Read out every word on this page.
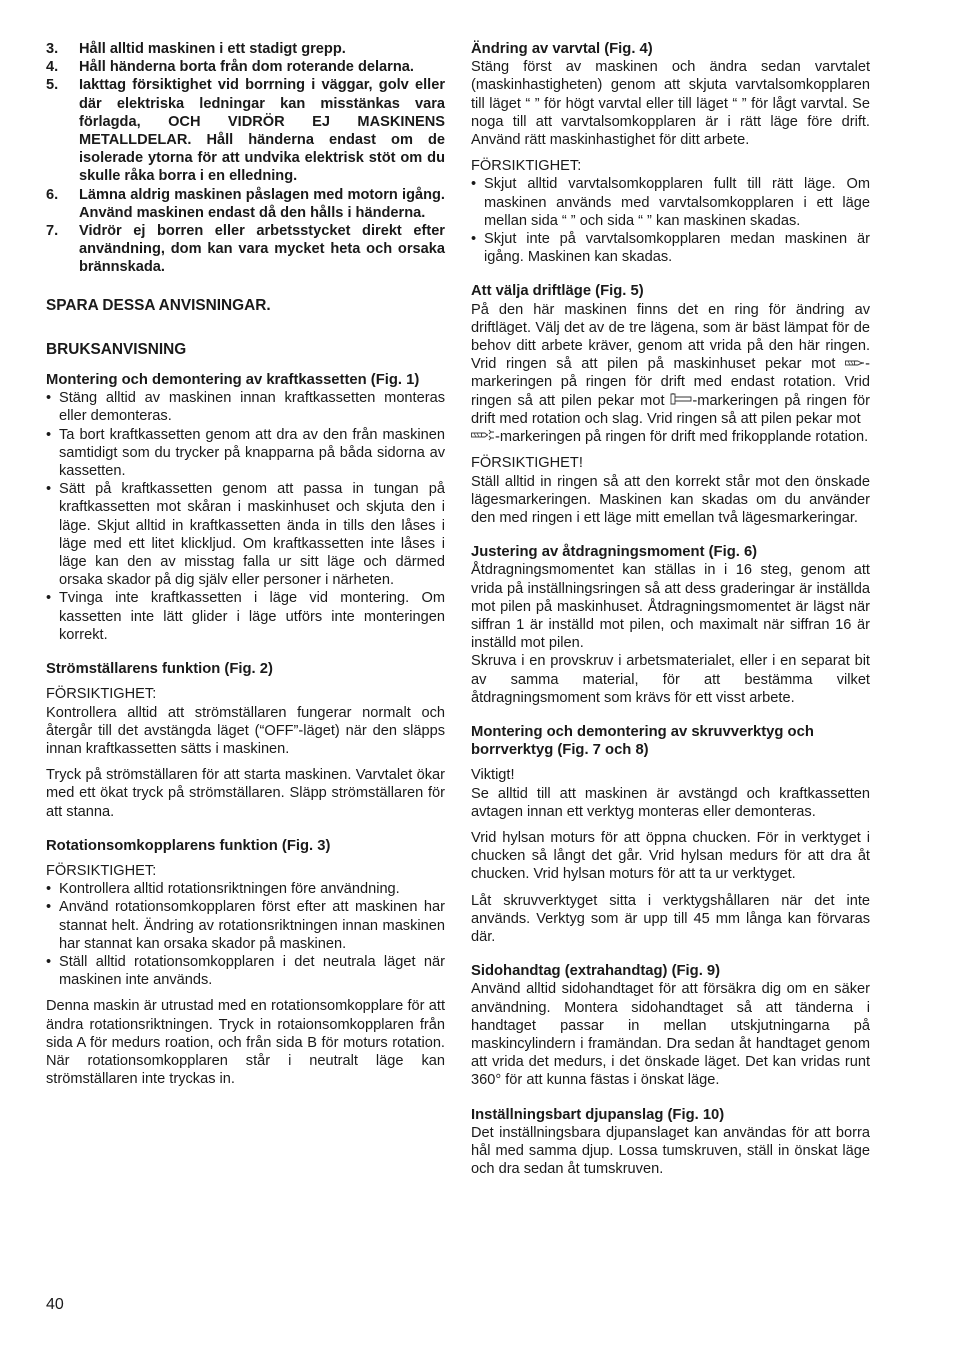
3. Håll alltid maskinen i ett stadigt grepp.
4. Håll händerna borta från dom roterande delarna.
5. Iakttag försiktighet vid borrning i väggar, golv eller där elektriska ledningar kan misstänkas vara förlagda, OCH VIDRÖR EJ MASKINENS METALLDELAR. Håll händerna endast om de isolerade ytorna för att undvika elektrisk stöt om du skulle råka borra i en elledning.
6. Lämna aldrig maskinen påslagen med motorn igång. Använd maskinen endast då den hålls i händerna.
7. Vidrör ej borren eller arbetsstycket direkt efter användning, dom kan vara mycket heta och orsaka brännskada.
SPARA DESSA ANVISNINGAR.
BRUKSANVISNING
Montering och demontering av kraftkassetten (Fig. 1)
• Stäng alltid av maskinen innan kraftkassetten monteras eller demonteras.
• Ta bort kraftkassetten genom att dra av den från maskinen samtidigt som du trycker på knapparna på båda sidorna av kassetten.
• Sätt på kraftkassetten genom att passa in tungan på kraftkassetten mot skåran i maskinhuset och skjuta den i läge. Skjut alltid in kraftkassetten ända in tills den låses i läge med ett litet klickljud. Om kraftkassetten inte låses i läge kan den av misstag falla ur sitt läge och därmed orsaka skador på dig själv eller personer i närheten.
• Tvinga inte kraftkassetten i läge vid montering. Om kassetten inte lätt glider i läge utförs inte monteringen korrekt.
Strömställarens funktion (Fig. 2)
FÖRSIKTIGHET:
Kontrollera alltid att strömställaren fungerar normalt och återgår till det avstängda läget (“OFF”-läget) när den släpps innan kraftkassetten sätts i maskinen.
Tryck på strömställaren för att starta maskinen. Varvtalet ökar med ett ökat tryck på strömställaren. Släpp strömställaren för att stanna.
Rotationsomkopplarens funktion (Fig. 3)
FÖRSIKTIGHET:
• Kontrollera alltid rotationsriktningen före användning.
• Använd rotationsomkopplaren först efter att maskinen har stannat helt. Ändring av rotationsriktningen innan maskinen har stannat kan orsaka skador på maskinen.
• Ställ alltid rotationsomkopplaren i det neutrala läget när maskinen inte används.
Denna maskin är utrustad med en rotationsomkopplare för att ändra rotationsriktningen. Tryck in rotaionsomkopplaren från sida A för medurs roation, och från sida B för moturs rotation. När rotationsomkopplaren står i neutralt läge kan strömställaren inte tryckas in.
Ändring av varvtal (Fig. 4)
Stäng först av maskinen och ändra sedan varvtalet (maskinhastigheten) genom att skjuta varvtalsomkopplaren till läget “ ” för högt varvtal eller till läget “ ” för lågt varvtal. Se noga till att varvtalsomkopplaren är i rätt läge före drift. Använd rätt maskinhastighet för ditt arbete.
FÖRSIKTIGHET:
• Skjut alltid varvtalsomkopplaren fullt till rätt läge. Om maskinen används med varvtalsomkopplaren i ett läge mellan sida “ ” och sida “ ” kan maskinen skadas.
• Skjut inte på varvtalsomkopplaren medan maskinen är igång. Maskinen kan skadas.
Att välja driftläge (Fig. 5)
På den här maskinen finns det en ring för ändring av driftläget. Välj det av de tre lägena, som är bäst lämpat för de behov ditt arbete kräver, genom att vrida på den här ringen. Vrid ringen så att pilen på maskinhuset pekar mot -markeringen på ringen för drift med endast rotation. Vrid ringen så att pilen pekar mot -markeringen på ringen för drift med rotation och slag. Vrid ringen så att pilen pekar mot
-markeringen på ringen för drift med frikopplande rotation.
FÖRSIKTIGHET!
Ställ alltid in ringen så att den korrekt står mot den önskade lägesmarkeringen. Maskinen kan skadas om du använder den med ringen i ett läge mitt emellan två lägesmarkeringar.
Justering av åtdragningsmoment (Fig. 6)
Åtdragningsmomentet kan ställas in i 16 steg, genom att vrida på inställningsringen så att dess graderingar är inställda mot pilen på maskinhuset. Åtdragningsmomentet är lägst när siffran 1 är inställd mot pilen, och maximalt när siffran 16 är inställd mot pilen.
Skruva i en provskruv i arbetsmaterialet, eller i en separat bit av samma material, för att bestämma vilket åtdragningsmoment som krävs för ett visst arbete.
Montering och demontering av skruvverktyg och borrverktyg (Fig. 7 och 8)
Viktigt!
Se alltid till att maskinen är avstängd och kraftkassetten avtagen innan ett verktyg monteras eller demonteras.
Vrid hylsan moturs för att öppna chucken. För in verktyget i chucken så långt det går. Vrid hylsan medurs för att dra åt chucken. Vrid hylsan moturs för att ta ur verktyget.
Låt skruvverktyget sitta i verktygshållaren när det inte används. Verktyg som är upp till 45 mm långa kan förvaras där.
Sidohandtag (extrahandtag) (Fig. 9)
Använd alltid sidohandtaget för att försäkra dig om en säker användning. Montera sidohandtaget så att tänderna i handtaget passar in mellan utskjutningarna på maskincylindern i framändan. Dra sedan åt handtaget genom att vrida det medurs, i det önskade läget. Det kan vridas runt 360° för att kunna fästas i önskat läge.
Inställningsbart djupanslag (Fig. 10)
Det inställningsbara djupanslaget kan användas för att borra hål med samma djup. Lossa tumskruven, ställ in önskat läge och dra sedan åt tumskruven.
40
